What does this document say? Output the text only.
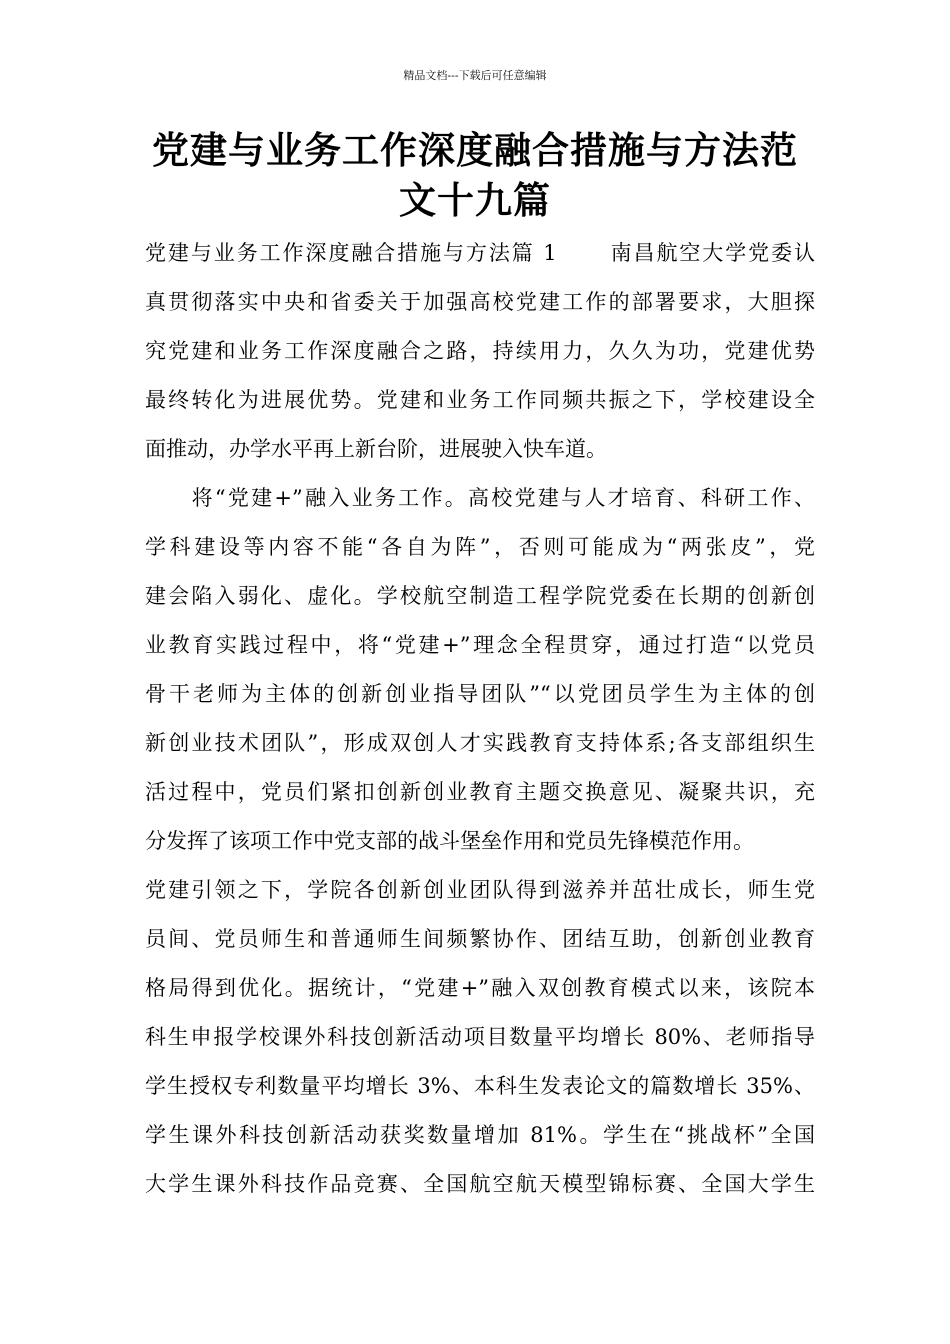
精品文档---下载后可任意编辑
党建与业务工作深度融合措施与方法范
文十九篇
党建与业务工作深度融合措施与方法篇 1 南昌航空大学党委认
真贯彻落实中央和省委关于加强高校党建工作的部署要求，大胆探
究党建和业务工作深度融合之路，持续用力，久久为功，党建优势
最终转化为进展优势。党建和业务工作同频共振之下，学校建设全
面推动，办学水平再上新台阶，进展驶入快车道。
　　将“党建+”融入业务工作。高校党建与人才培育、科研工作、
学科建设等内容不能“各自为阵”，否则可能成为“两张皮”，党
建会陷入弱化、虚化。学校航空制造工程学院党委在长期的创新创
业教育实践过程中，将“党建+”理念全程贯穿，通过打造“以党员
骨干老师为主体的创新创业指导团队”“以党团员学生为主体的创
新创业技术团队”，形成双创人才实践教育支持体系;各支部组织生
活过程中，党员们紧扣创新创业教育主题交换意见、凝聚共识，充
分发挥了该项工作中党支部的战斗堡垒作用和党员先锋模范作用。
党建引领之下，学院各创新创业团队得到滋养并茁壮成长，师生党
员间、党员师生和普通师生间频繁协作、团结互助，创新创业教育
格局得到优化。据统计，“党建+”融入双创教育模式以来，该院本
科生申报学校课外科技创新活动项目数量平均增长 80%、老师指导
学生授权专利数量平均增长 3%、本科生发表论文的篇数增长 35%、
学生课外科技创新活动获奖数量增加 81%。学生在“挑战杯”全国
大学生课外科技作品竞赛、全国航空航天模型锦标赛、全国大学生
